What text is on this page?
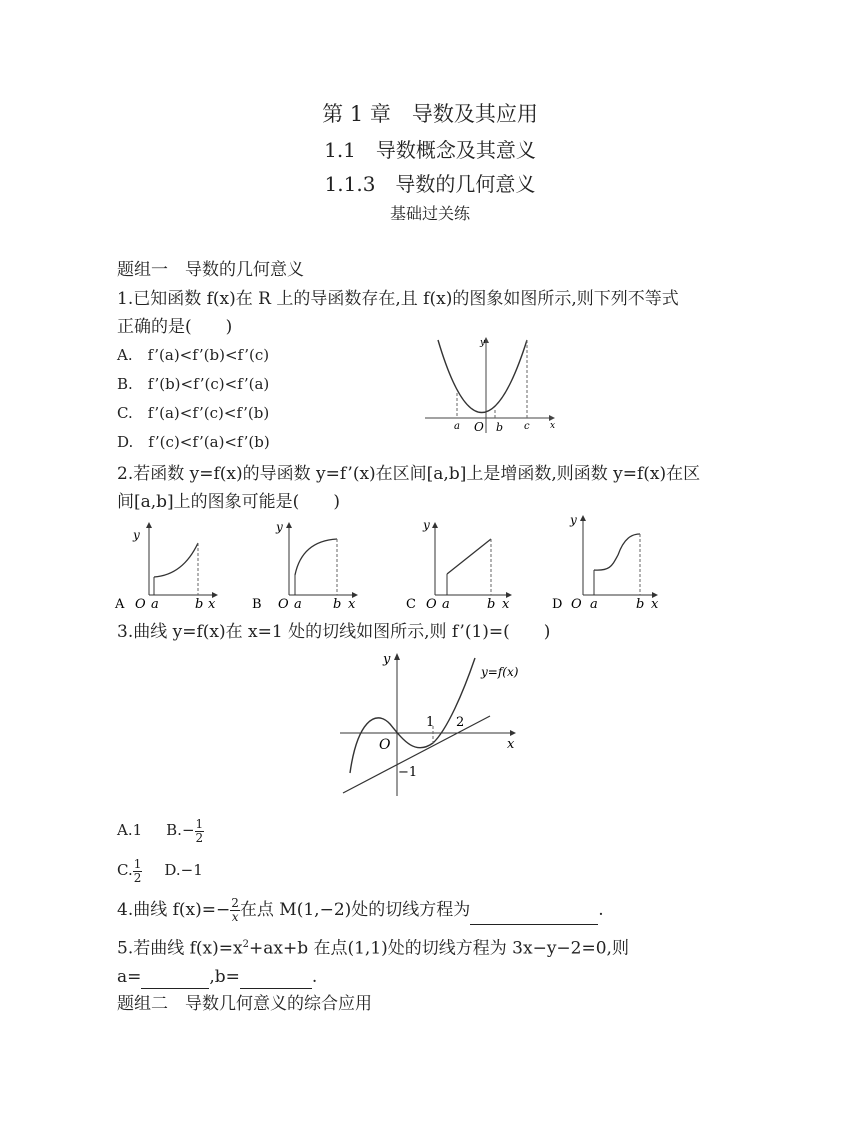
第 1 章　导数及其应用
1.1　导数概念及其意义
1.1.3　导数的几何意义
基础过关练
题组一　导数的几何意义
1.已知函数 f(x)在 R 上的导函数存在,且 f(x)的图象如图所示,则下列不等式
正确的是(　　)
A.　f’(a)<f’(b)<f’(c)
B.　f’(b)<f’(c)<f’(a)
C.　f’(a)<f’(c)<f’(b)
D.　f’(c)<f’(a)<f’(b)
y
x
a O b c
2.若函数 y=f(x)的导函数 y=f’(x)在区间[a,b]上是增函数,则函数 y=f(x)在区
间[a,b]上的图象可能是(　　)
A
y
O a	b x	B
y
O a b x	C
y
O a	b x	D
y
O a	b x
3.曲线 y=f(x)在 x=1 处的切线如图所示,则 f’(1)=(　　)
y
x
y=f(x)
1 2
O
−1
A.1 $B.- \frac{1}{2}$
C. $\frac{1}{2} D.-1$
4.曲线 $f(x)=- \frac{2}{x}$ 在点 M(1,−2)处的切线方程为	.
5.若曲线 $f(x)=x^2+ax+b$ 在点(1,1)处的切线方程为 3x−y−2=0,则
a=	,b=	.
题组二　导数几何意义的综合应用
